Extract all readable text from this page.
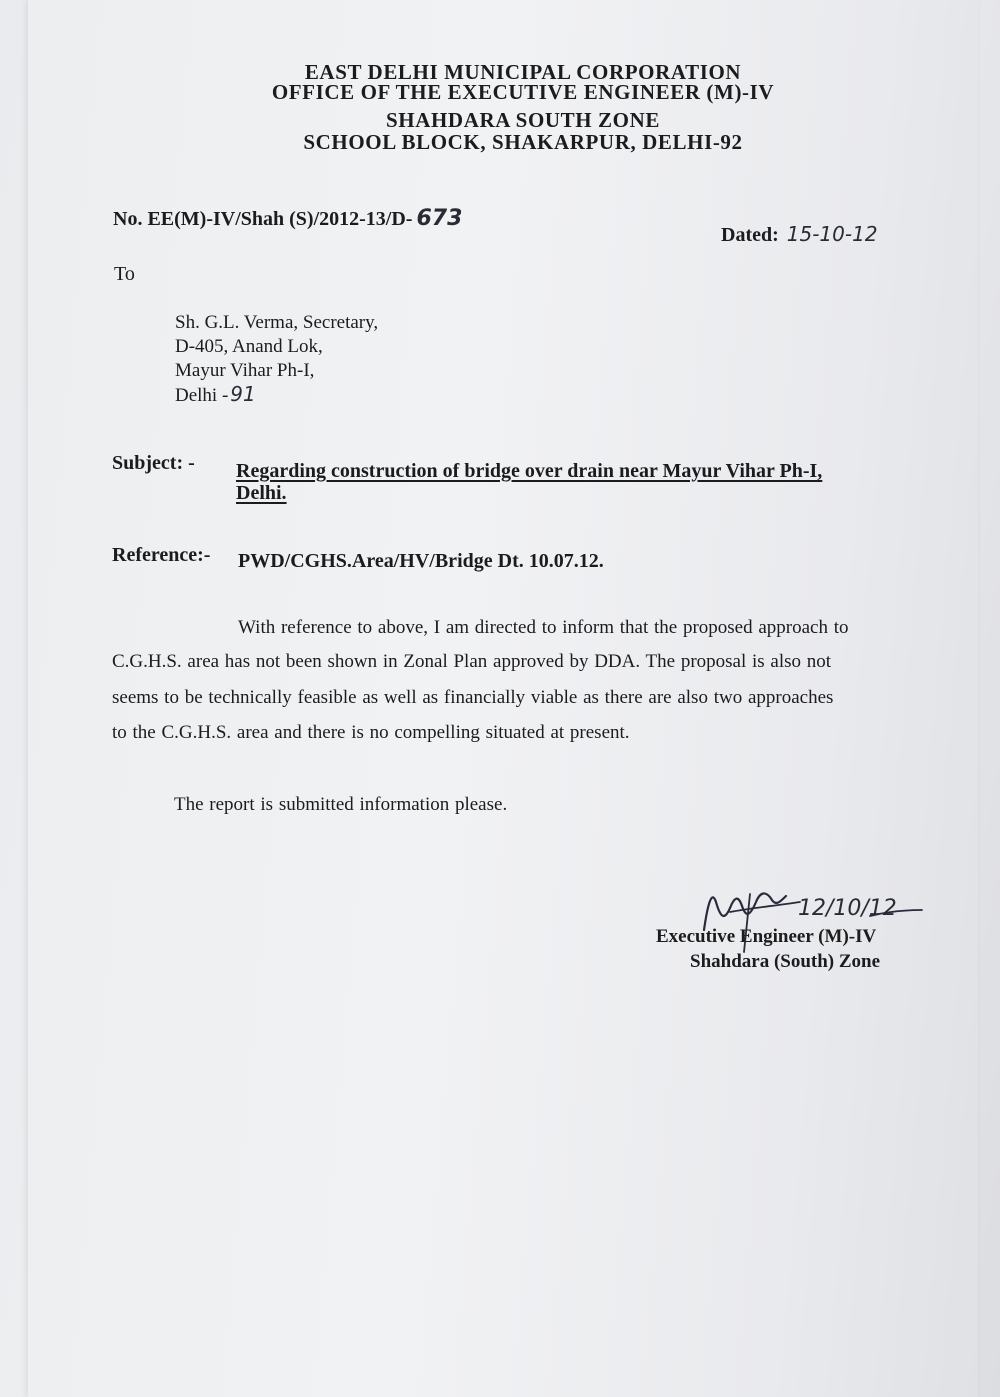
EAST DELHI MUNICIPAL CORPORATION
OFFICE OF THE EXECUTIVE ENGINEER (M)-IV
SHAHDARA SOUTH ZONE
SCHOOL BLOCK, SHAKARPUR, DELHI-92
No. EE(M)-IV/Shah (S)/2012-13/D- 673
Dated: 15-10-12
To
Sh. G.L. Verma, Secretary,
D-405, Anand Lok,
Mayur Vihar Ph-I,
Delhi - 91
Subject: - Regarding construction of bridge over drain near Mayur Vihar Ph-I,
Delhi.
Reference:- PWD/CGHS.Area/HV/Bridge Dt. 10.07.12.
With reference to above, I am directed to inform that the proposed approach to
C.G.H.S. area has not been shown in Zonal Plan approved by DDA. The proposal is also not
seems to be technically feasible as well as financially viable as there are also two approaches
to the C.G.H.S. area and there is no compelling situated at present.
The report is submitted information please.
12/10/12
Executive Engineer (M)-IV
Shahdara (South) Zone
